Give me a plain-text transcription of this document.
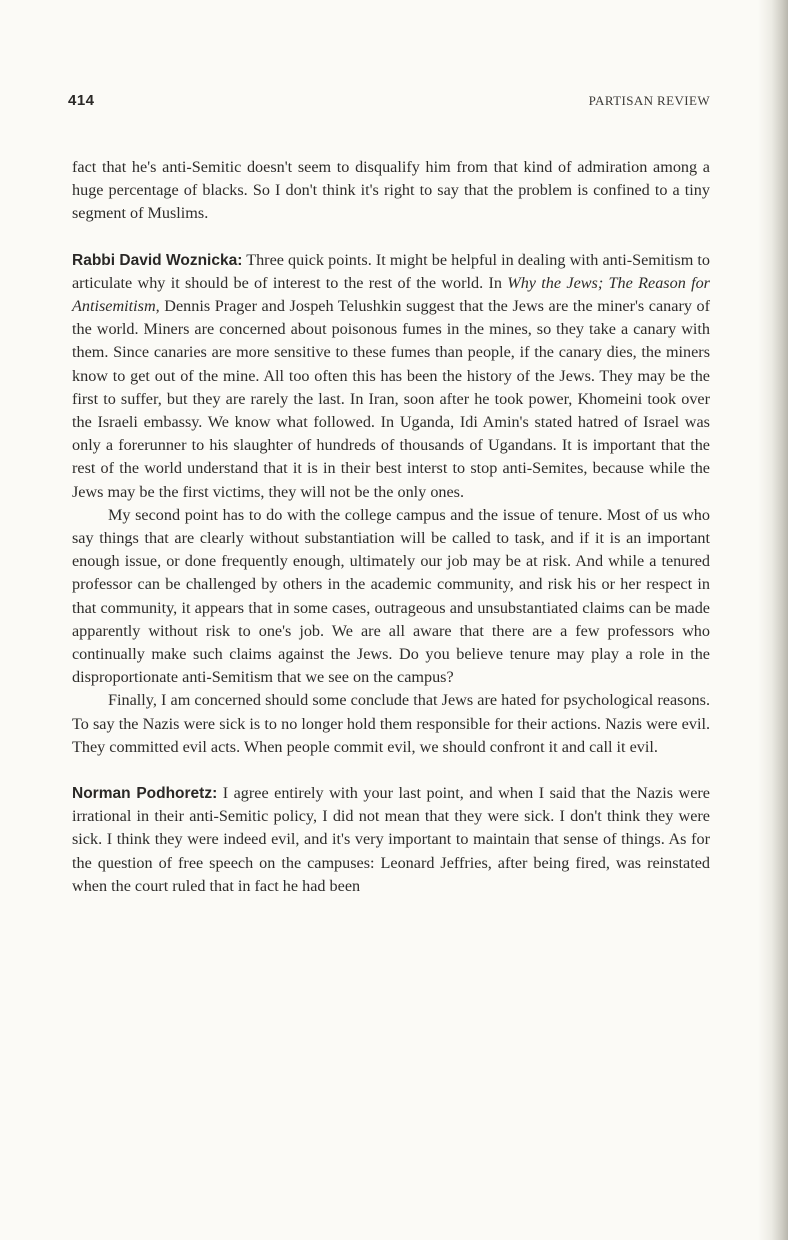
414	PARTISAN REVIEW

fact that he's anti-Semitic doesn't seem to disqualify him from that kind of admiration among a huge percentage of blacks. So I don't think it's right to say that the problem is confined to a tiny segment of Muslims.

Rabbi David Woznicka: Three quick points. It might be helpful in dealing with anti-Semitism to articulate why it should be of interest to the rest of the world. In Why the Jews; The Reason for Antisemitism, Dennis Prager and Jospeh Telushkin suggest that the Jews are the miner's canary of the world. Miners are concerned about poisonous fumes in the mines, so they take a canary with them. Since canaries are more sensitive to these fumes than people, if the canary dies, the miners know to get out of the mine. All too often this has been the history of the Jews. They may be the first to suffer, but they are rarely the last. In Iran, soon after he took power, Khomeini took over the Israeli embassy. We know what followed. In Uganda, Idi Amin's stated hatred of Israel was only a forerunner to his slaughter of hundreds of thousands of Ugandans. It is important that the rest of the world understand that it is in their best interst to stop anti-Semites, because while the Jews may be the first victims, they will not be the only ones.

My second point has to do with the college campus and the issue of tenure. Most of us who say things that are clearly without substantiation will be called to task, and if it is an important enough issue, or done frequently enough, ultimately our job may be at risk. And while a tenured professor can be challenged by others in the academic community, and risk his or her respect in that community, it appears that in some cases, outrageous and unsubstantiated claims can be made apparently without risk to one's job. We are all aware that there are a few professors who continually make such claims against the Jews. Do you believe tenure may play a role in the disproportionate anti-Semitism that we see on the campus?

Finally, I am concerned should some conclude that Jews are hated for psychological reasons. To say the Nazis were sick is to no longer hold them responsible for their actions. Nazis were evil. They committed evil acts. When people commit evil, we should confront it and call it evil.

Norman Podhoretz: I agree entirely with your last point, and when I said that the Nazis were irrational in their anti-Semitic policy, I did not mean that they were sick. I don't think they were sick. I think they were indeed evil, and it's very important to maintain that sense of things. As for the question of free speech on the campuses: Leonard Jeffries, after being fired, was reinstated when the court ruled that in fact he had been
